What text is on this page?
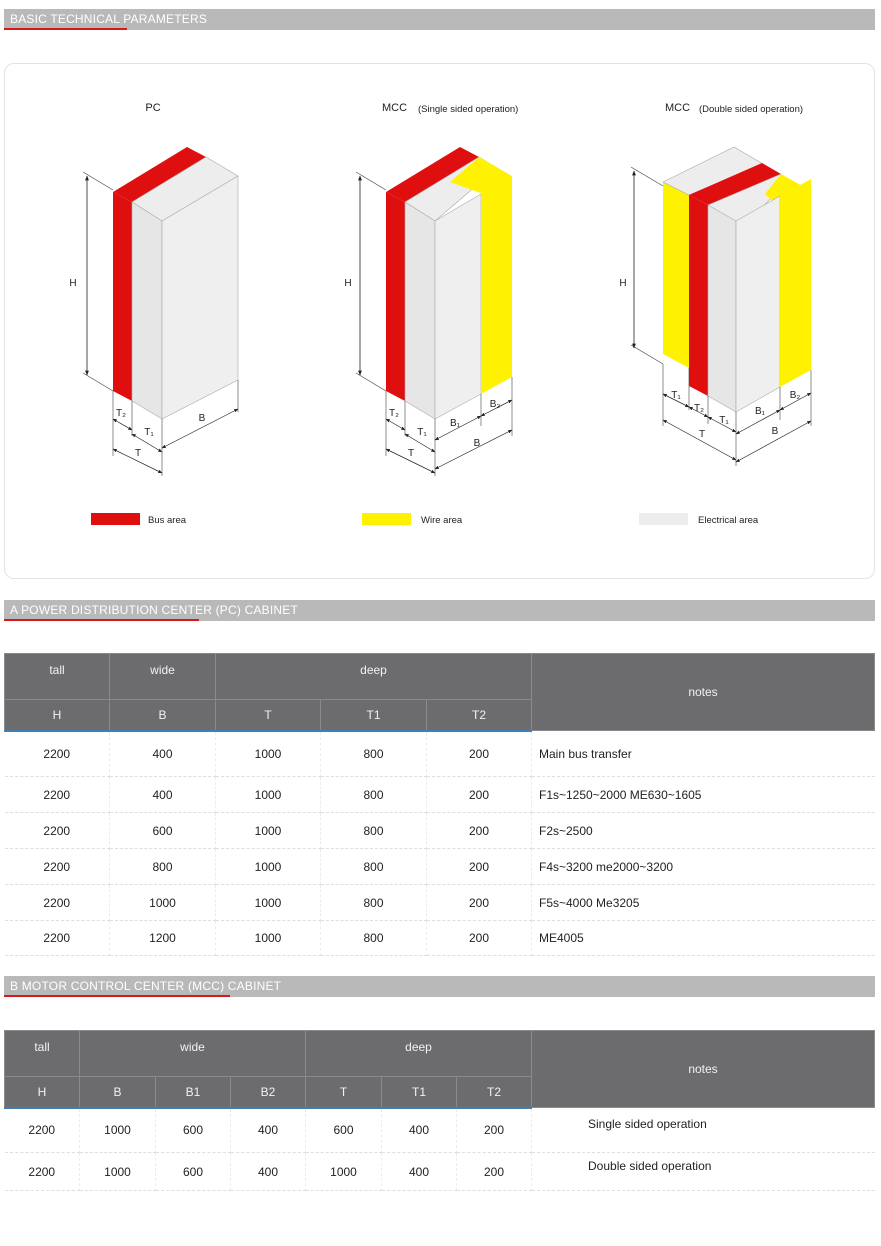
BASIC TECHNICAL PARAMETERS
PC
H
T₂
T₁
T
B
MCC (Single sided operation)
H
T₂
T₁
T
B₁
B₂
B
MCC (Double sided operation)
H
T₁
T₂
T₁
T
B₁
B₂
B
Bus area	Wire area	Electrical area
A POWER DISTRIBUTION CENTER (PC) CABINET
tall	wide	deep			notes
H	B	T	T1	T2	
2200	400	1000	800	200	Main bus transfer
2200	400	1000	800	200	F1s~1250~2000 ME630~1605
2200	600	1000	800	200	F2s~2500
2200	800	1000	800	200	F4s~3200 me2000~3200
2200	1000	1000	800	200	F5s~4000 Me3205
2200	1200	1000	800	200	ME4005
B MOTOR CONTROL CENTER (MCC) CABINET
tall	wide			deep			notes
H	B	B1	B2	T	T1	T2	
2200	1000	600	400	600	400	200	Single sided operation
2200	1000	600	400	1000	400	200	Double sided operation
